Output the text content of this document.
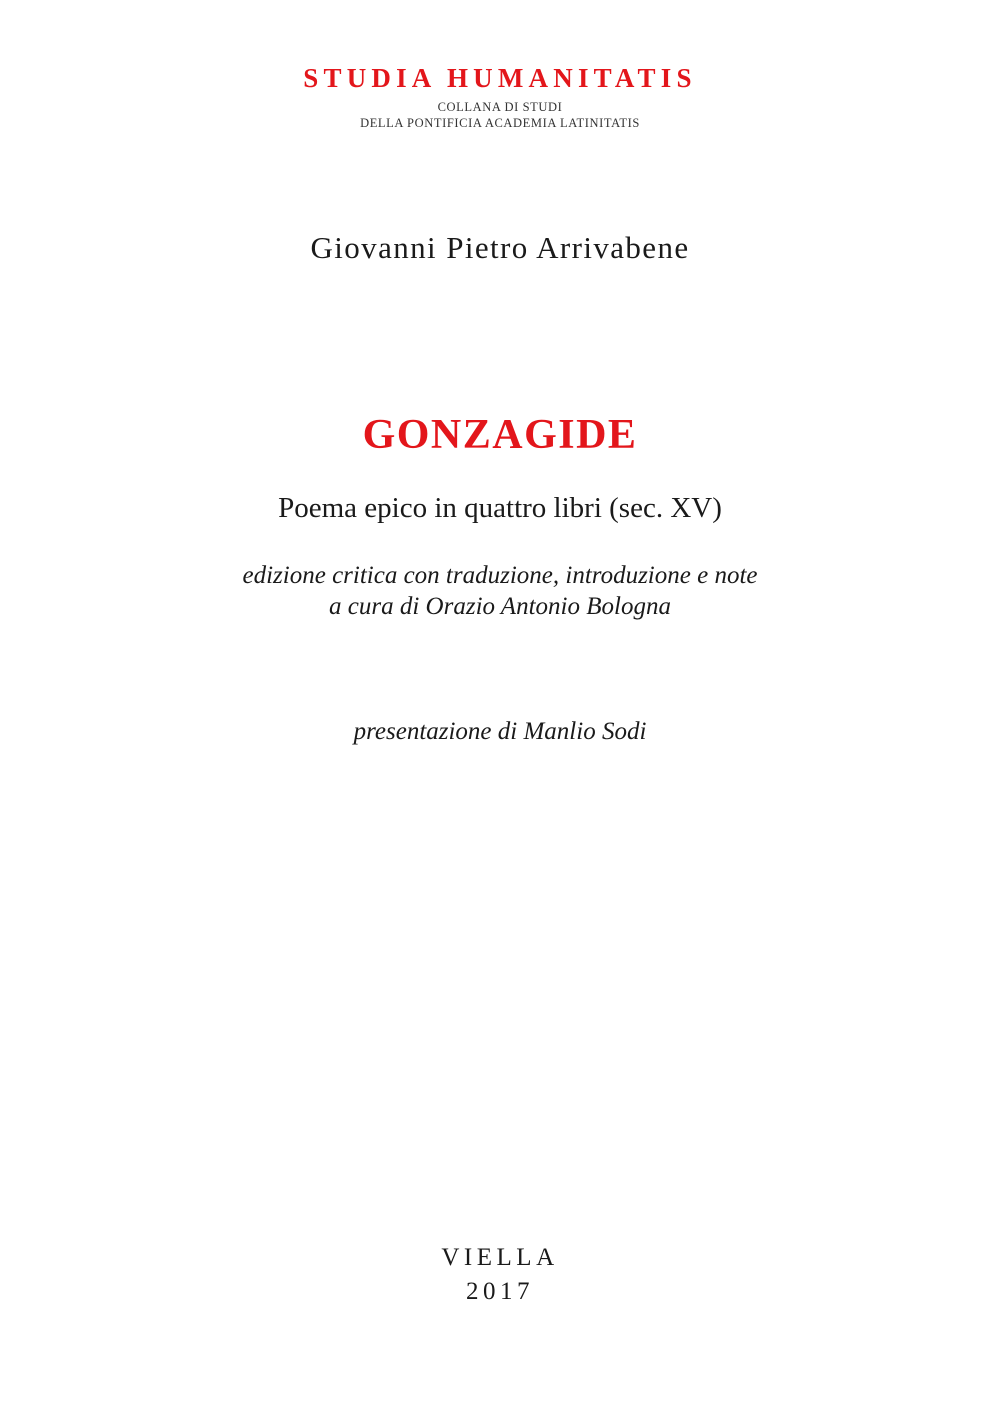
STUDIA HUMANITATIS
COLLANA DI STUDI
DELLA PONTIFICIA ACADEMIA LATINITATIS
Giovanni Pietro Arrivabene
GONZAGIDE
Poema epico in quattro libri (sec. XV)
edizione critica con traduzione, introduzione e note
a cura di Orazio Antonio Bologna
presentazione di Manlio Sodi
VIELLA
2017
